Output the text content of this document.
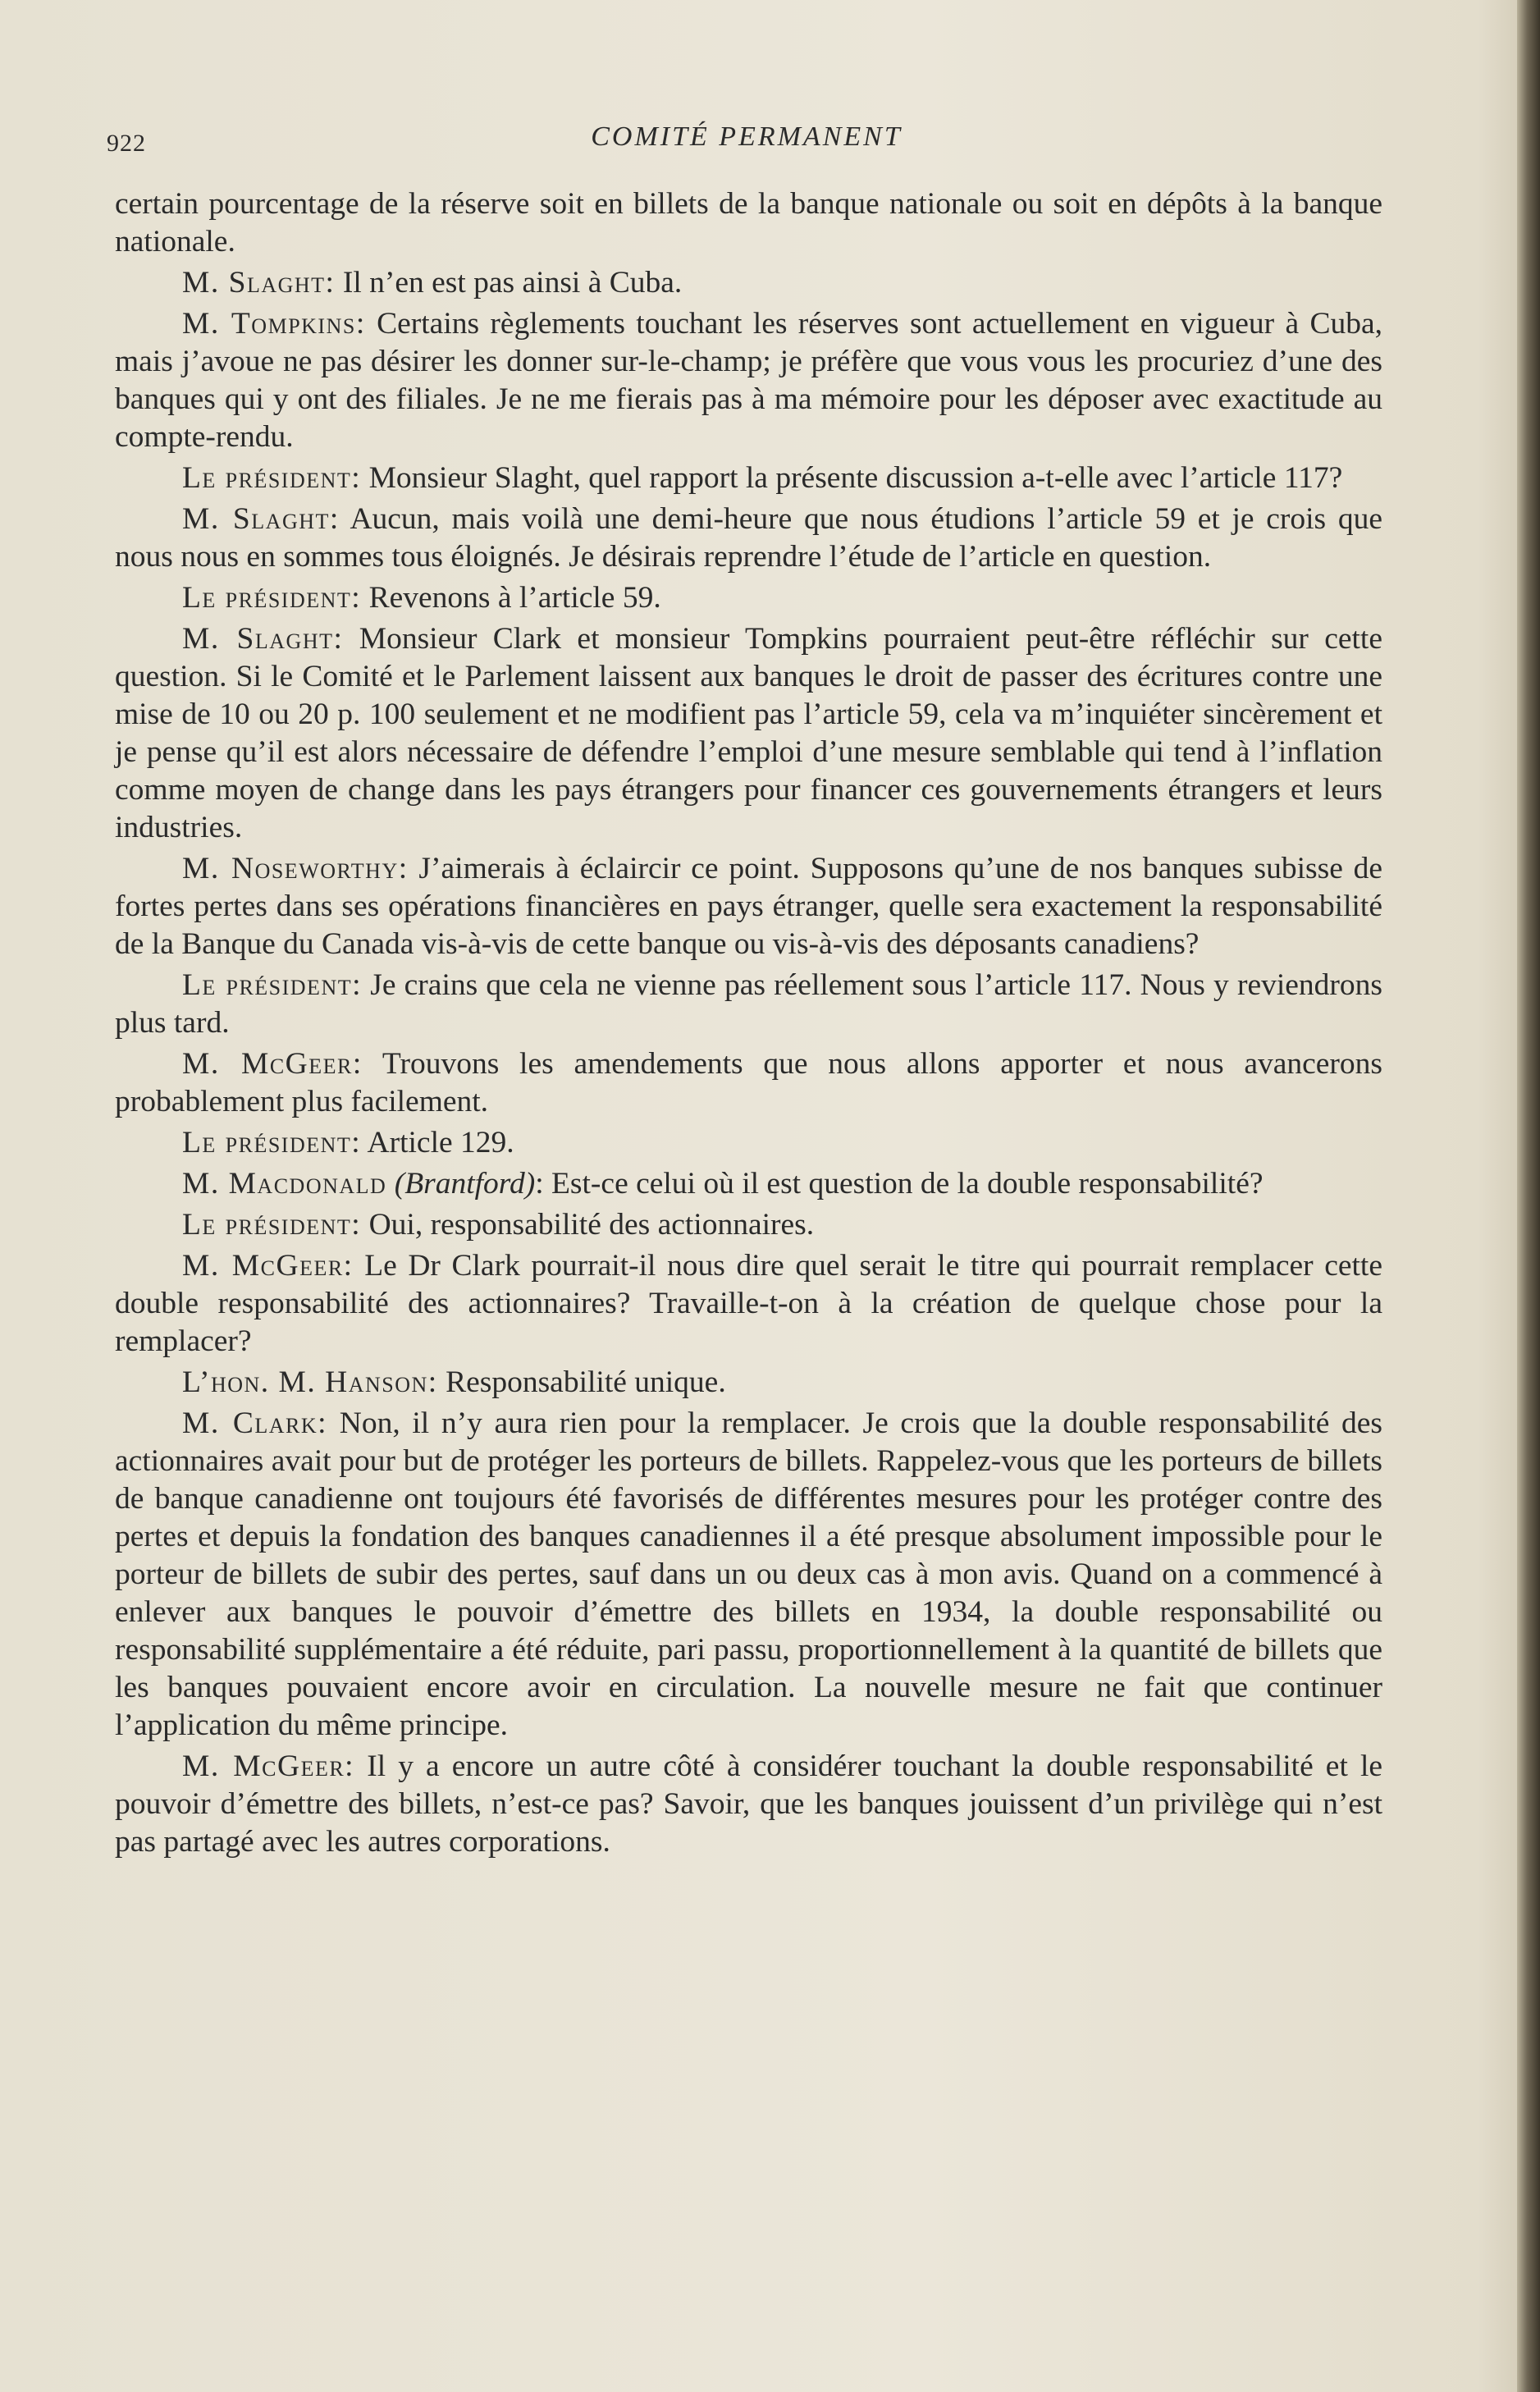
922	COMITÉ PERMANENT

certain pourcentage de la réserve soit en billets de la banque nationale ou soit en dépôts à la banque nationale.

M. Slaght: Il n’en est pas ainsi à Cuba.

M. Tompkins: Certains règlements touchant les réserves sont actuellement en vigueur à Cuba, mais j’avoue ne pas désirer les donner sur-le-champ; je préfère que vous vous les procuriez d’une des banques qui y ont des filiales. Je ne me fierais pas à ma mémoire pour les déposer avec exactitude au compte-rendu.

Le président: Monsieur Slaght, quel rapport la présente discussion a-t-elle avec l’article 117?

M. Slaght: Aucun, mais voilà une demi-heure que nous étudions l’article 59 et je crois que nous nous en sommes tous éloignés. Je désirais reprendre l’étude de l’article en question.

Le président: Revenons à l’article 59.

M. Slaght: Monsieur Clark et monsieur Tompkins pourraient peut-être réfléchir sur cette question. Si le Comité et le Parlement laissent aux banques le droit de passer des écritures contre une mise de 10 ou 20 p. 100 seulement et ne modifient pas l’article 59, cela va m’inquiéter sincèrement et je pense qu’il est alors nécessaire de défendre l’emploi d’une mesure semblable qui tend à l’inflation comme moyen de change dans les pays étrangers pour financer ces gouvernements étrangers et leurs industries.

M. Noseworthy: J’aimerais à éclaircir ce point. Supposons qu’une de nos banques subisse de fortes pertes dans ses opérations financières en pays étranger, quelle sera exactement la responsabilité de la Banque du Canada vis-à-vis de cette banque ou vis-à-vis des déposants canadiens?

Le président: Je crains que cela ne vienne pas réellement sous l’article 117. Nous y reviendrons plus tard.

M. McGeer: Trouvons les amendements que nous allons apporter et nous avancerons probablement plus facilement.

Le président: Article 129.

M. Macdonald (Brantford): Est-ce celui où il est question de la double responsabilité?

Le président: Oui, responsabilité des actionnaires.

M. McGeer: Le Dr Clark pourrait-il nous dire quel serait le titre qui pourrait remplacer cette double responsabilité des actionnaires? Travaille-t-on à la création de quelque chose pour la remplacer?

L’hon. M. Hanson: Responsabilité unique.

M. Clark: Non, il n’y aura rien pour la remplacer. Je crois que la double responsabilité des actionnaires avait pour but de protéger les porteurs de billets. Rappelez-vous que les porteurs de billets de banque canadienne ont toujours été favorisés de différentes mesures pour les protéger contre des pertes et depuis la fondation des banques canadiennes il a été presque absolument impossible pour le porteur de billets de subir des pertes, sauf dans un ou deux cas à mon avis. Quand on a commencé à enlever aux banques le pouvoir d’émettre des billets en 1934, la double responsabilité ou responsabilité supplémentaire a été réduite, pari passu, proportionnellement à la quantité de billets que les banques pouvaient encore avoir en circulation. La nouvelle mesure ne fait que continuer l’application du même principe.

M. McGeer: Il y a encore un autre côté à considérer touchant la double responsabilité et le pouvoir d’émettre des billets, n’est-ce pas? Savoir, que les banques jouissent d’un privilège qui n’est pas partagé avec les autres corporations.
